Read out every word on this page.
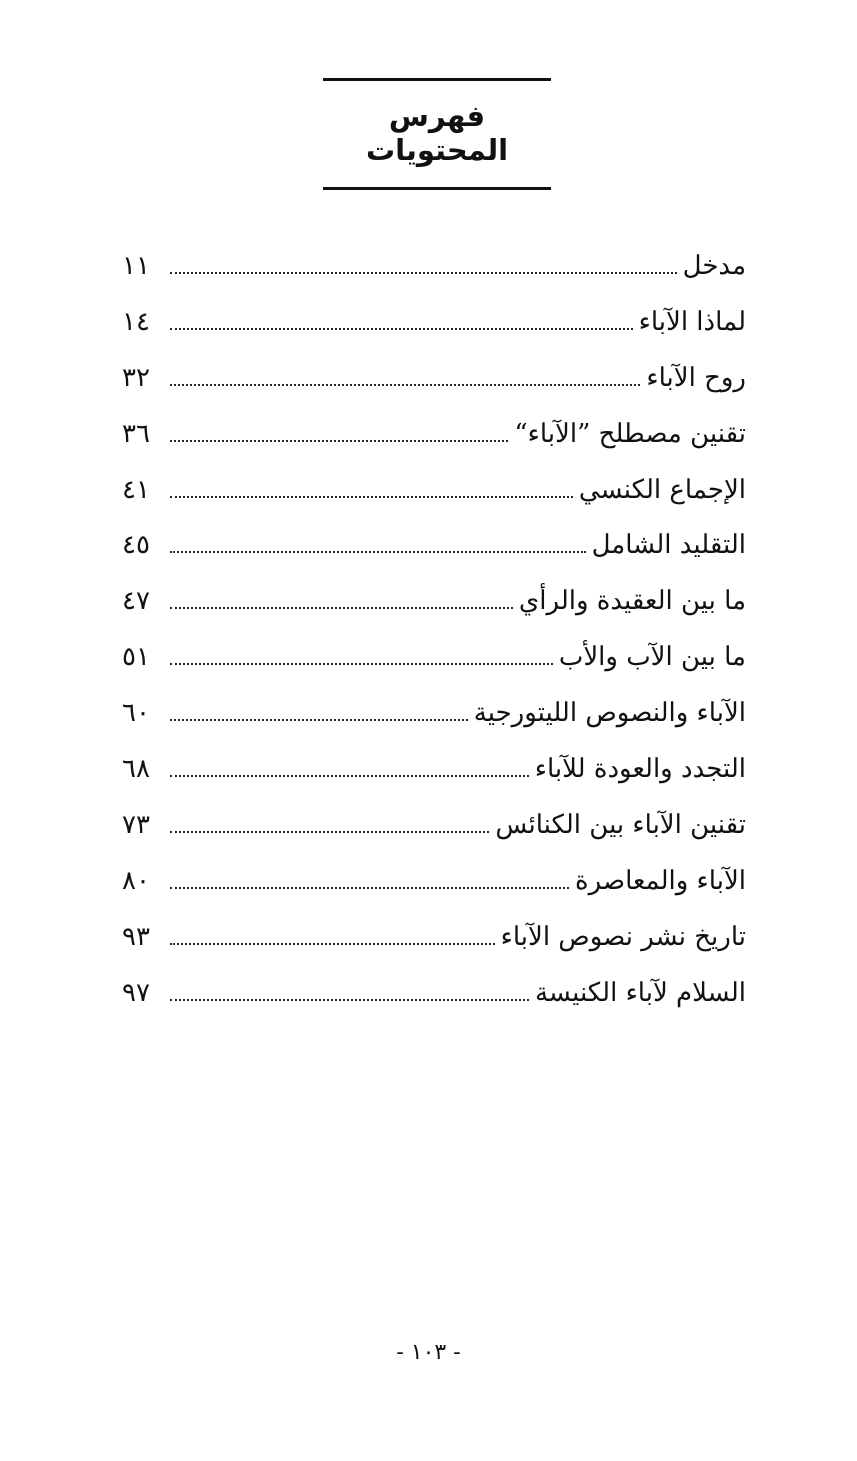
فهرس المحتويات
مدخل
١١
لماذا الآباء
١٤
روح الآباء
٣٢
تقنين مصطلح ”الآباء“
٣٦
الإجماع الكنسي
٤١
التقليد الشامل
٤٥
ما بين العقيدة والرأي
٤٧
ما بين الآب والأب
٥١
الآباء والنصوص الليتورجية
٦٠
التجدد والعودة للآباء
٦٨
تقنين الآباء بين الكنائس
٧٣
الآباء والمعاصرة
٨٠
تاريخ نشر نصوص الآباء
٩٣
السلام لآباء الكنيسة
٩٧
- ١٠٣ -
